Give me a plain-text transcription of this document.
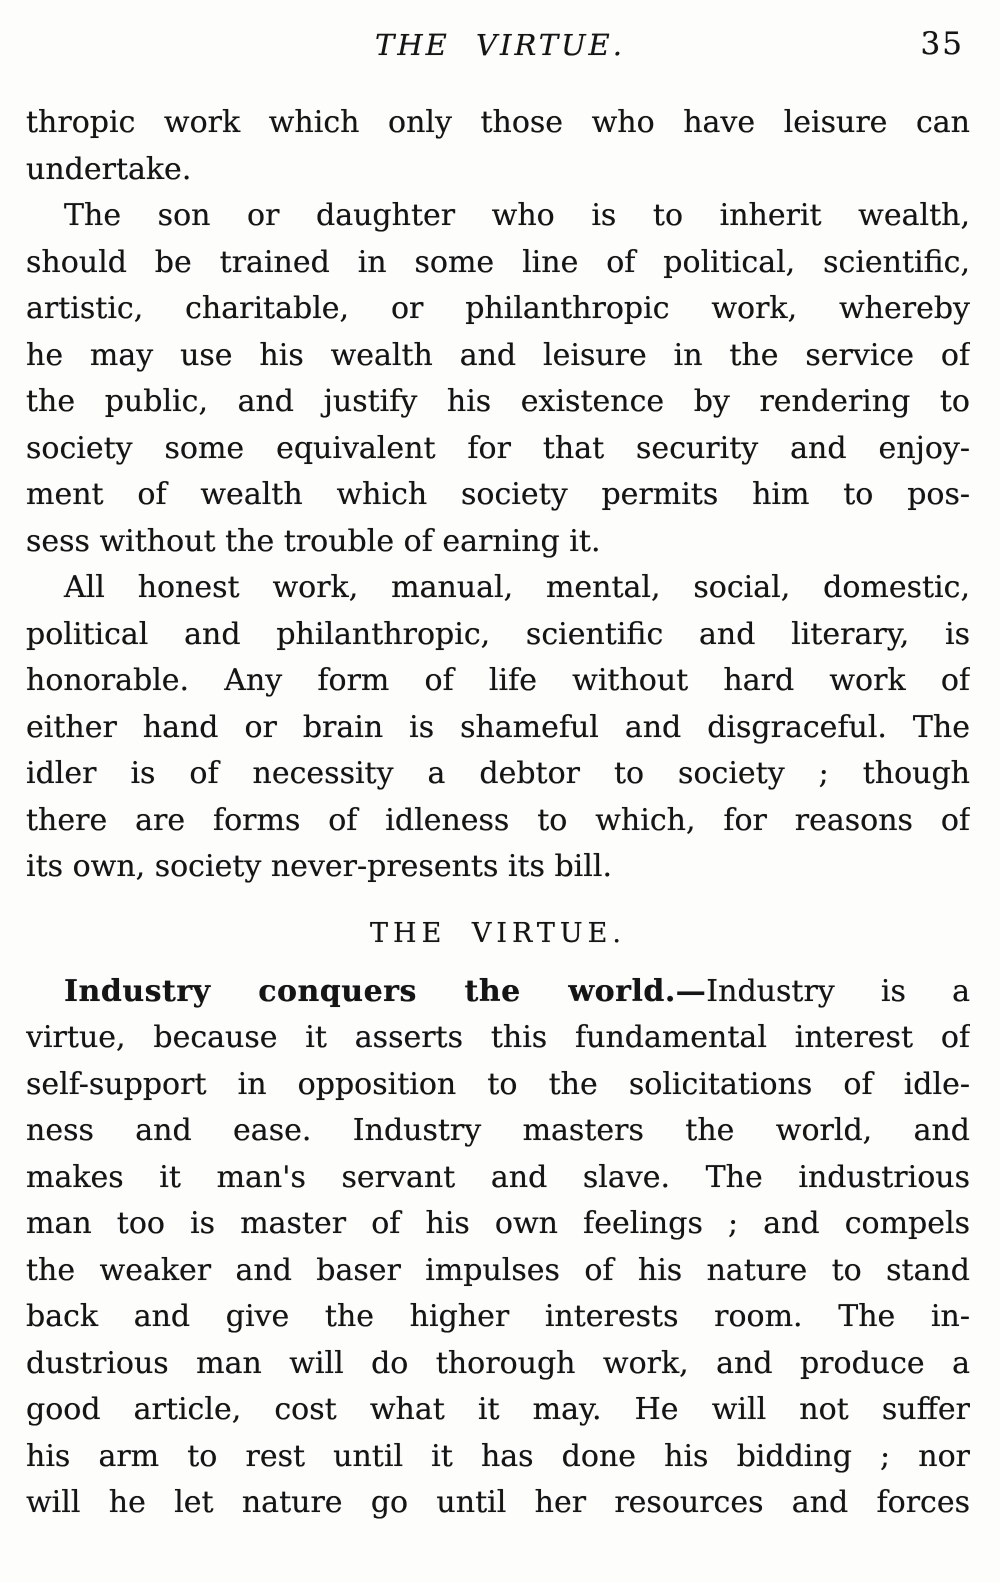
THE VIRTUE.	35
thropic work which only those who have leisure can
undertake.
The son or daughter who is to inherit wealth,
should be trained in some line of political, scientific,
artistic, charitable, or philanthropic work, whereby
he may use his wealth and leisure in the service of
the public, and justify his existence by rendering to
society some equivalent for that security and enjoy-
ment of wealth which society permits him to pos-
sess without the trouble of earning it.
All honest work, manual, mental, social, domestic,
political and philanthropic, scientific and literary, is
honorable. Any form of life without hard work of
either hand or brain is shameful and disgraceful. The
idler is of necessity a debtor to society ; though
there are forms of idleness to which, for reasons of
its own, society never-presents its bill.
THE VIRTUE.
Industry conquers the world.—Industry is a
virtue, because it asserts this fundamental interest of
self-support in opposition to the solicitations of idle-
ness and ease. Industry masters the world, and
makes it man's servant and slave. The industrious
man too is master of his own feelings ; and compels
the weaker and baser impulses of his nature to stand
back and give the higher interests room. The in-
dustrious man will do thorough work, and produce a
good article, cost what it may. He will not suffer
his arm to rest until it has done his bidding ; nor
will he let nature go until her resources and forces
